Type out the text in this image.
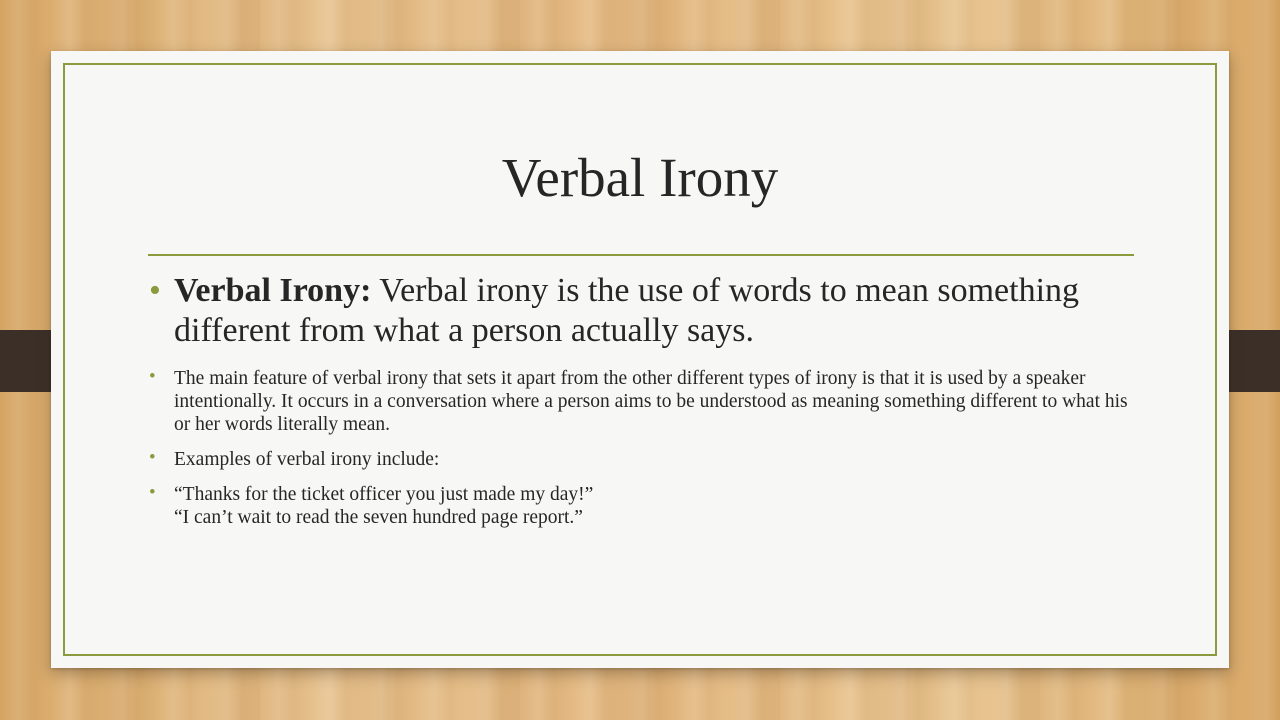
Verbal Irony
• Verbal Irony: Verbal irony is the use of words to mean something different from what a person actually says.
• The main feature of verbal irony that sets it apart from the other different types of irony is that it is used by a speaker intentionally. It occurs in a conversation where a person aims to be understood as meaning something different to what his or her words literally mean.
• Examples of verbal irony include:
• “Thanks for the ticket officer you just made my day!”
“I can’t wait to read the seven hundred page report.”
